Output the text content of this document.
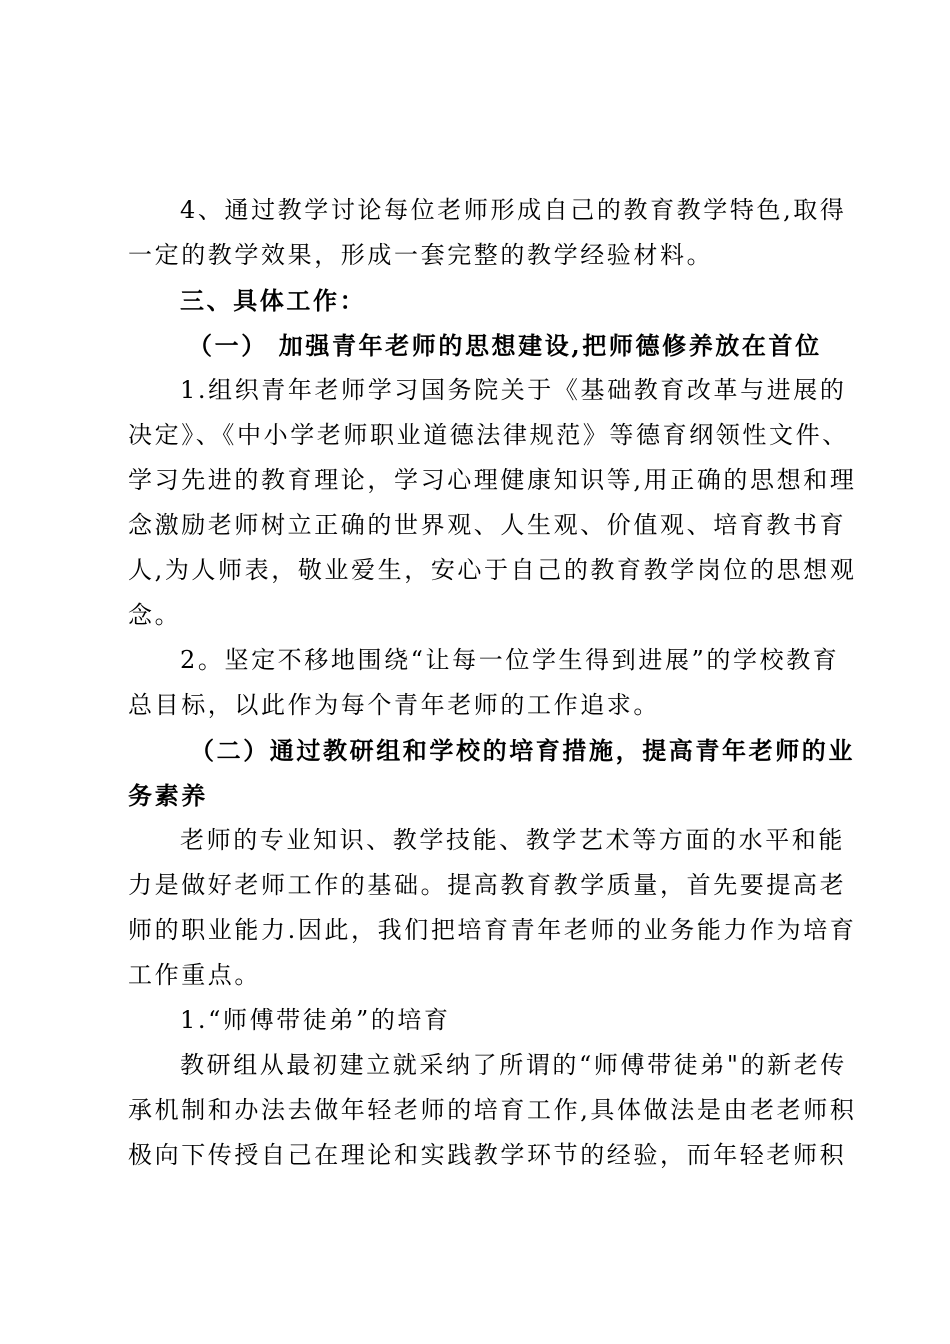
4、通过教学讨论每位老师形成自己的教育教学特色,取得
一定的教学效果，形成一套完整的教学经验材料。
三、具体工作：
（一） 加强青年老师的思想建设,把师德修养放在首位
1.组织青年老师学习国务院关于《基础教育改革与进展的
决定》、《中小学老师职业道德法律规范》等德育纲领性文件、
学习先进的教育理论，学习心理健康知识等,用正确的思想和理
念激励老师树立正确的世界观、人生观、价值观、培育教书育
人,为人师表，敬业爱生，安心于自己的教育教学岗位的思想观
念。
2。坚定不移地围绕“让每一位学生得到进展”的学校教育
总目标，以此作为每个青年老师的工作追求。
（二）通过教研组和学校的培育措施，提高青年老师的业
务素养
老师的专业知识、教学技能、教学艺术等方面的水平和能
力是做好老师工作的基础。提高教育教学质量，首先要提高老
师的职业能力.因此，我们把培育青年老师的业务能力作为培育
工作重点。
1.“师傅带徒弟”的培育
教研组从最初建立就采纳了所谓的“师傅带徒弟"的新老传
承机制和办法去做年轻老师的培育工作,具体做法是由老老师积
极向下传授自己在理论和实践教学环节的经验，而年轻老师积
